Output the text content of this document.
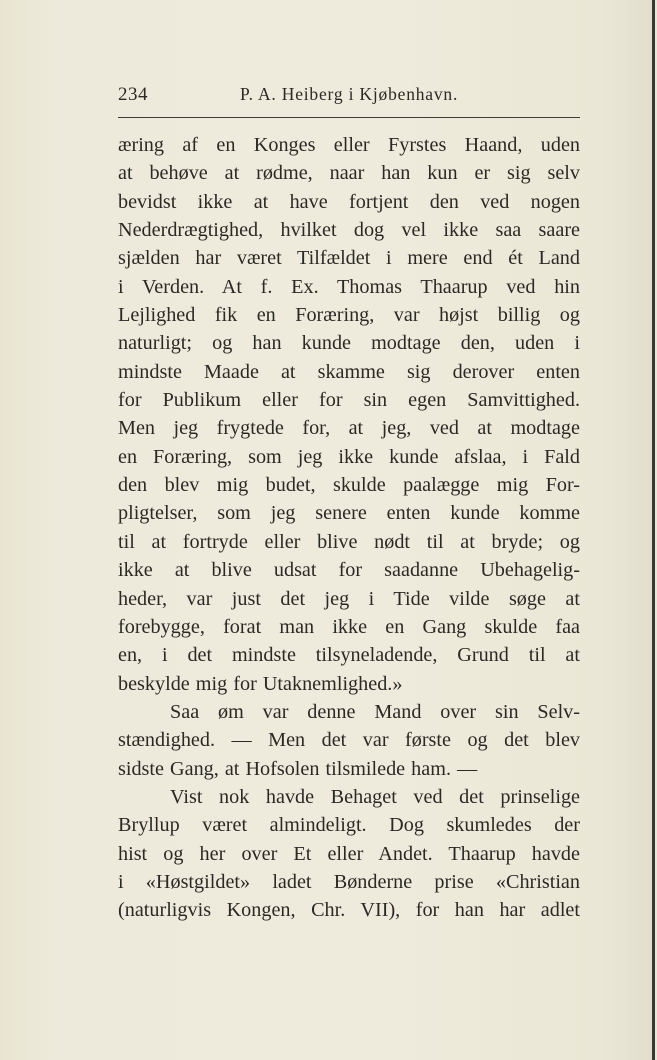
234	P. A. Heiberg i Kjøbenhavn.
æring af en Konges eller Fyrstes Haand, uden
at behøve at rødme, naar han kun er sig selv
bevidst ikke at have fortjent den ved nogen
Nederdrægtighed, hvilket dog vel ikke saa saare
sjælden har været Tilfældet i mere end ét Land
i Verden. At f. Ex. Thomas Thaarup ved hin
Lejlighed fik en Foræring, var højst billig og
naturligt; og han kunde modtage den, uden i
mindste Maade at skamme sig derover enten
for Publikum eller for sin egen Samvittighed.
Men jeg frygtede for, at jeg, ved at modtage
en Foræring, som jeg ikke kunde afslaa, i Fald
den blev mig budet, skulde paalægge mig For-
pligtelser, som jeg senere enten kunde komme
til at fortryde eller blive nødt til at bryde; og
ikke at blive udsat for saadanne Ubehagelig-
heder, var just det jeg i Tide vilde søge at
forebygge, forat man ikke en Gang skulde faa
en, i det mindste tilsyneladende, Grund til at
beskylde mig for Utaknemlighed.»
Saa øm var denne Mand over sin Selv-
stændighed. — Men det var første og det blev
sidste Gang, at Hofsolen tilsmilede ham. —
Vist nok havde Behaget ved det prinselige
Bryllup været almindeligt. Dog skumledes der
hist og her over Et eller Andet. Thaarup havde
i «Høstgildet» ladet Bønderne prise «Christian
(naturligvis Kongen, Chr. VII), for han har adlet
